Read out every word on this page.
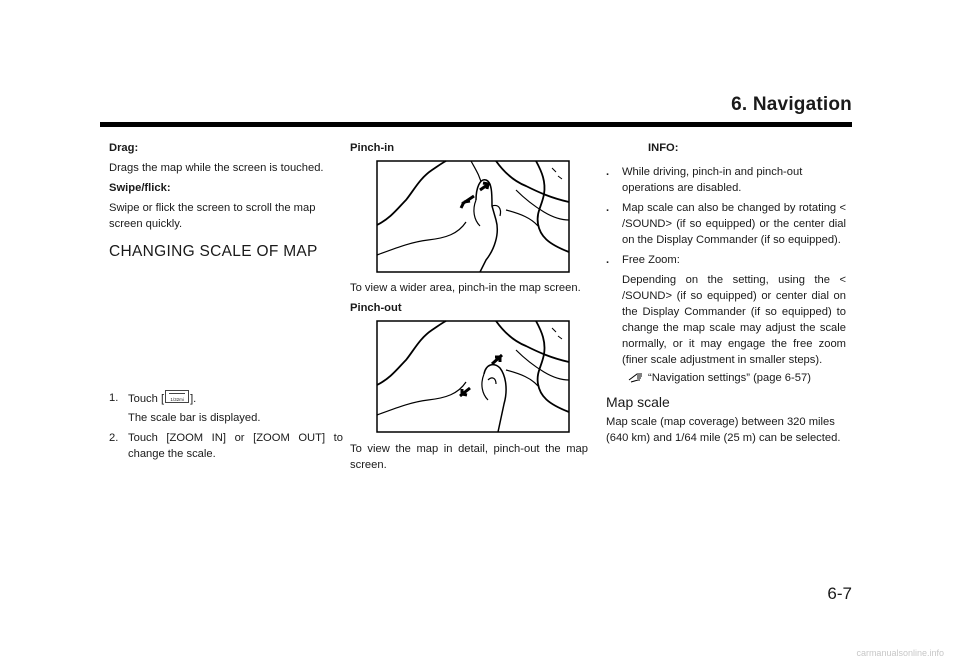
6. Navigation

Drag:

Drags the map while the screen is touched.

Swipe/flick:

Swipe or flick the screen to scroll the map screen quickly.

CHANGING SCALE OF MAP

1. Touch [	1/32mi ].

The scale bar is displayed.

2. Touch [ZOOM IN] or [ZOOM OUT] to change the scale.

Pinch-in

To view a wider area, pinch-in the map screen.

Pinch-out

To view the map in detail, pinch-out the map screen.

INFO:

.	While driving, pinch-in and pinch-out operations are disabled.
.	Map scale can also be changed by rotating < /SOUND> (if so equipped) or the center dial on the Display Commander (if so equipped).
.	Free Zoom:
Depending on the setting, using the < /SOUND> (if so equipped) or center dial on the Display Commander (if so equipped) to change the map scale may adjust the scale normally, or it may engage the free zoom (finer scale adjustment in smaller steps).
“Navigation settings” (page 6-57)

Map scale

Map scale (map coverage) between 320 miles (640 km) and 1/64 mile (25 m) can be selected.

6-7
carmanualsonline.info
